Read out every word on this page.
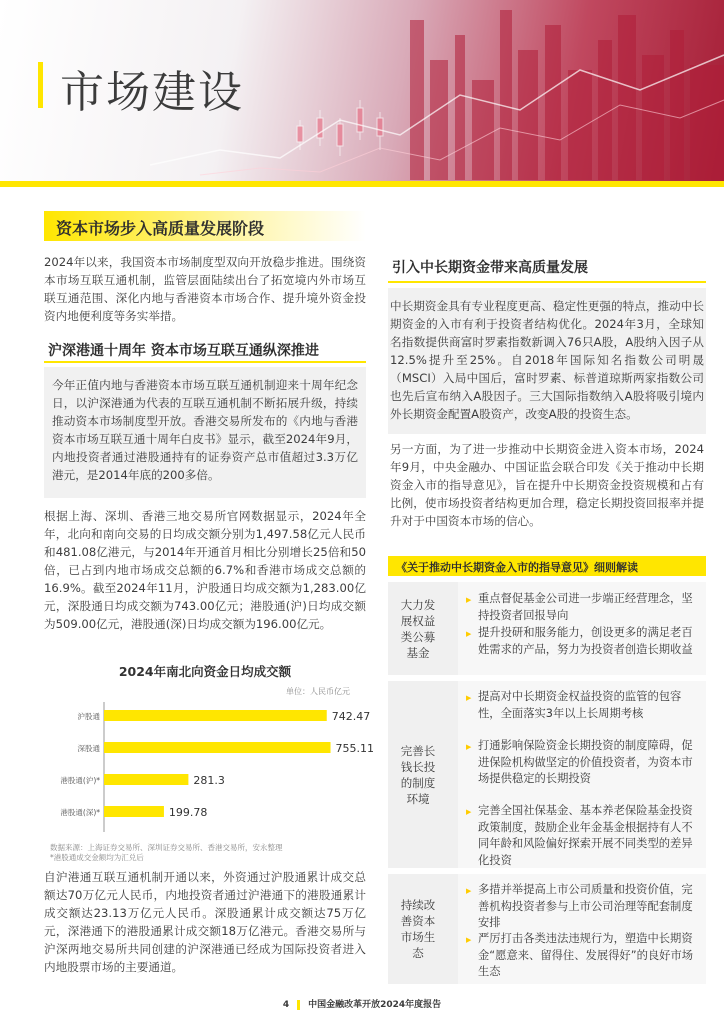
市场建设
资本市场步入高质量发展阶段
2024年以来，我国资本市场制度型双向开放稳步推进。围绕资本市场互联互通机制，监管层面陆续出台了拓宽境内外市场互联互通范围、深化内地与香港资本市场合作、提升境外资金投资内地便利度等务实举措。
沪深港通十周年 资本市场互联互通纵深推进
今年正值内地与香港资本市场互联互通机制迎来十周年纪念日，以沪深港通为代表的互联互通机制不断拓展升级，持续推动资本市场制度型开放。香港交易所发布的《内地与香港资本市场互联互通十周年白皮书》显示，截至2024年9月，内地投资者通过港股通持有的证券资产总市值超过3.3万亿港元，是2014年底的200多倍。
根据上海、深圳、香港三地交易所官网数据显示，2024年全年，北向和南向交易的日均成交额分别为1,497.58亿元人民币和481.08亿港元，与2014年开通首月相比分别增长25倍和50倍，已占到内地市场成交总额的6.7%和香港市场成交总额的16.9%。截至2024年11月，沪股通日均成交额为1,283.00亿元，深股通日均成交额为743.00亿元；港股通(沪)日均成交额为509.00亿元，港股通(深)日均成交额为196.00亿元。
2024年南北向资金日均成交额
单位：人民币亿元
沪股通	742.47
深股通	755.11
港股通(沪)*	281.3
港股通(深)*	199.78
数据来源：上海证券交易所、深圳证券交易所、香港交易所，安永整理
*港股通成交金额均为汇兑后
自沪港通互联互通机制开通以来，外资通过沪股通累计成交总额达70万亿元人民币，内地投资者通过沪港通下的港股通累计成交额达23.13万亿元人民币。深股通累计成交额达75万亿元，深港通下的港股通累计成交额18万亿港元。香港交易所与沪深两地交易所共同创建的沪深港通已经成为国际投资者进入内地股票市场的主要通道。
引入中长期资金带来高质量发展
中长期资金具有专业程度更高、稳定性更强的特点，推动中长期资金的入市有利于投资者结构优化。2024年3月，全球知名指数提供商富时罗素指数新调入76只A股，A股纳入因子从12.5%提升至25%。自2018年国际知名指数公司明晟（MSCI）入局中国后，富时罗素、标普道琼斯两家指数公司也先后宣布纳入A股因子。三大国际指数纳入A股将吸引境内外长期资金配置A股资产，改变A股的投资生态。
另一方面，为了进一步推动中长期资金进入资本市场，2024年9月，中央金融办、中国证监会联合印发《关于推动中长期资金入市的指导意见》，旨在提升中长期资金投资规模和占有比例，使市场投资者结构更加合理，稳定长期投资回报率并提升对于中国资本市场的信心。
《关于推动中长期资金入市的指导意见》细则解读
大力发展权益类公募基金
▶ 重点督促基金公司进一步端正经营理念，坚持投资者回报导向
▶ 提升投研和服务能力，创设更多的满足老百姓需求的产品，努力为投资者创造长期收益
完善长钱长投的制度环境
▶ 提高对中长期资金权益投资的监管的包容性，全面落实3年以上长周期考核
▶ 打通影响保险资金长期投资的制度障碍，促进保险机构做坚定的价值投资者，为资本市场提供稳定的长期投资
▶ 完善全国社保基金、基本养老保险基金投资政策制度，鼓励企业年金基金根据持有人不同年龄和风险偏好探索开展不同类型的差异化投资
持续改善资本市场生态
▶ 多措并举提高上市公司质量和投资价值，完善机构投资者参与上市公司治理等配套制度安排
▶ 严厉打击各类违法违规行为，塑造中长期资金“愿意来、留得住、发展得好”的良好市场生态
4 中国金融改革开放2024年度报告
